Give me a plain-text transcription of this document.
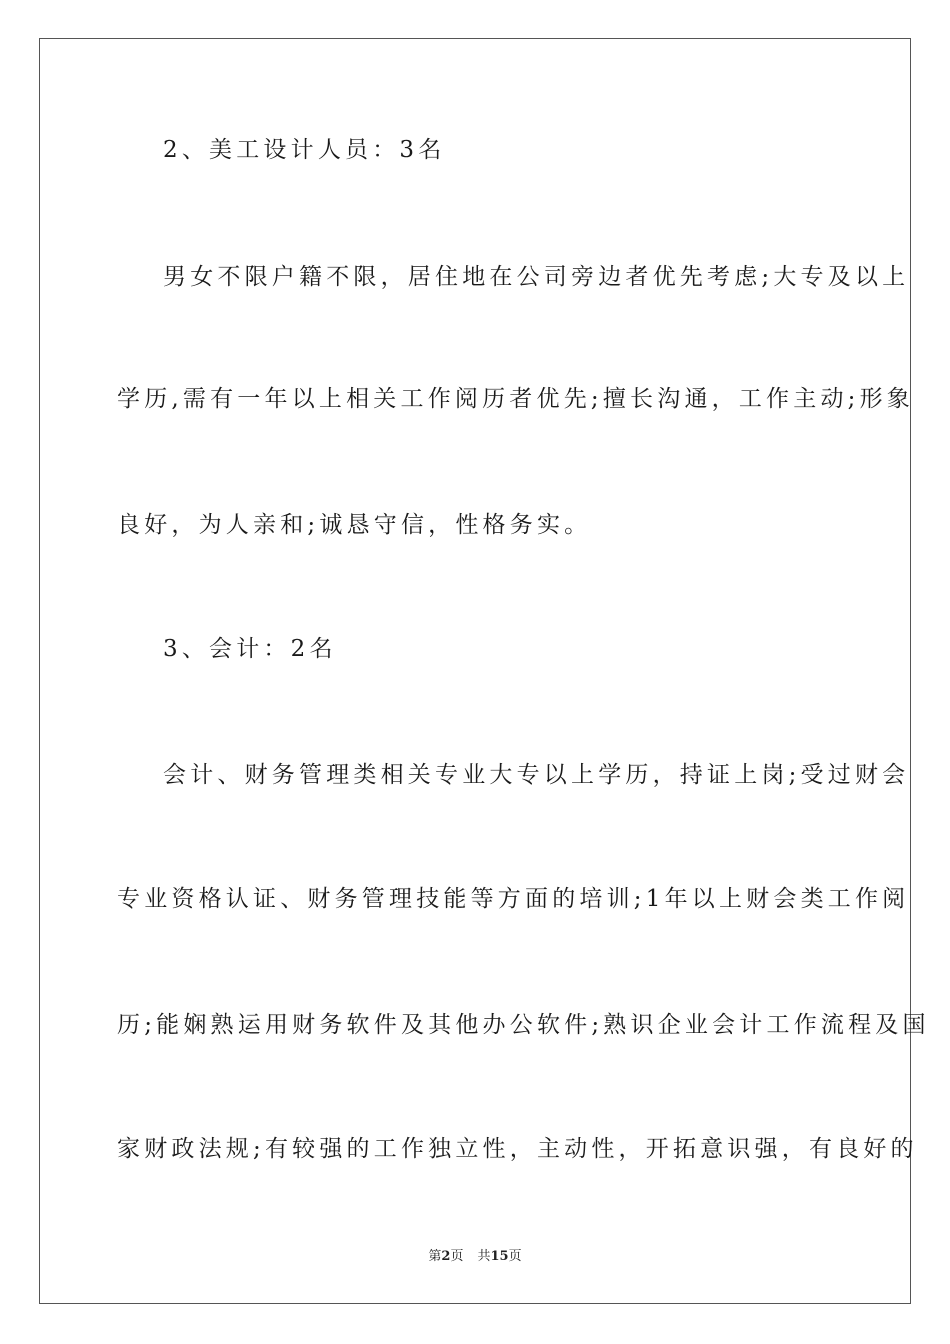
2、美工设计人员：3名
男女不限户籍不限，居住地在公司旁边者优先考虑;大专及以上
学历,需有一年以上相关工作阅历者优先;擅长沟通，工作主动;形象
良好，为人亲和;诚恳守信，性格务实。
3、会计：2名
会计、财务管理类相关专业大专以上学历，持证上岗;受过财会
专业资格认证、财务管理技能等方面的培训;1年以上财会类工作阅
历;能娴熟运用财务软件及其他办公软件;熟识企业会计工作流程及国
家财政法规;有较强的工作独立性，主动性，开拓意识强，有良好的
第2页 共15页
